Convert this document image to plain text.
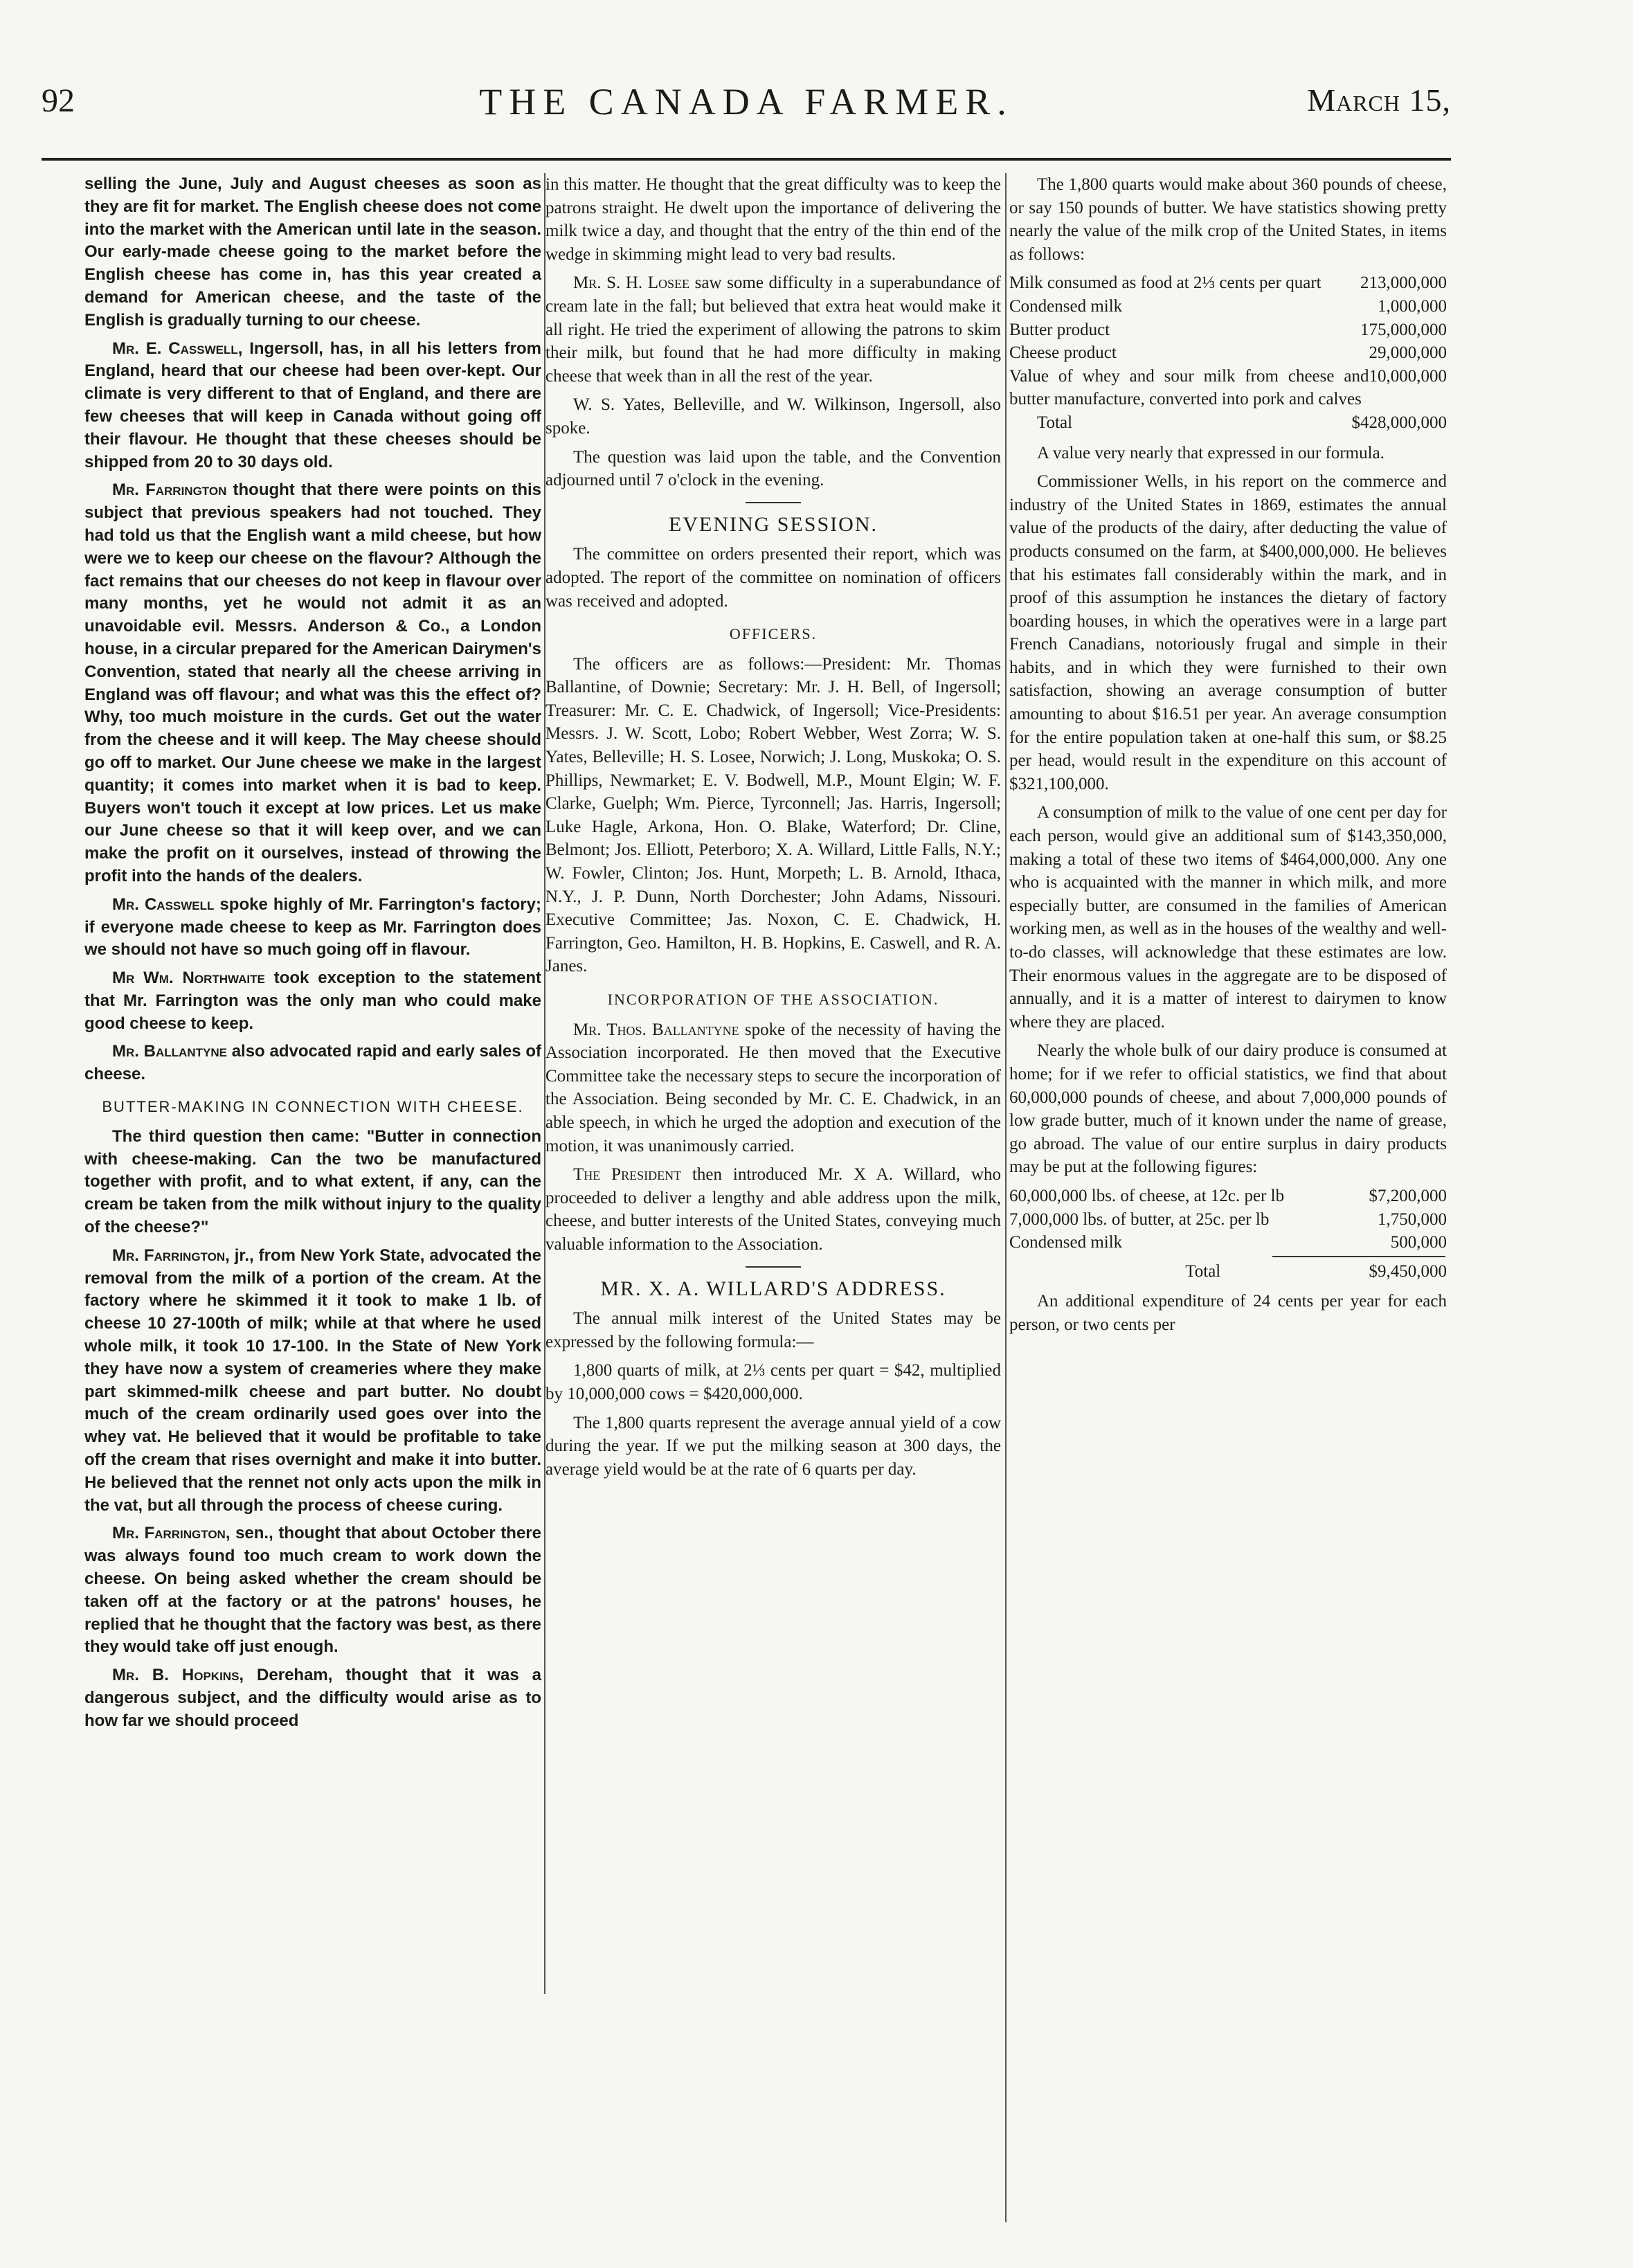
92	THE CANADA FARMER.	March 15,

selling the June, July and August cheeses as soon as they are fit for market. The English cheese does not come into the market with the American until late in the season. Our early-made cheese going to the market before the English cheese has come in, has this year created a demand for American cheese, and the taste of the English is gradually turning to our cheese.

Mr. E. Casswell, Ingersoll, has, in all his letters from England, heard that our cheese had been over-kept. Our climate is very different to that of England, and there are few cheeses that will keep in Canada without going off their flavour. He thought that these cheeses should be shipped from 20 to 30 days old.

Mr. Farrington thought that there were points on this subject that previous speakers had not touched. They had told us that the English want a mild cheese, but how were we to keep our cheese on the flavour? Although the fact remains that our cheeses do not keep in flavour over many months, yet he would not admit it as an unavoidable evil. Messrs. Anderson & Co., a London house, in a circular prepared for the American Dairymen's Convention, stated that nearly all the cheese arriving in England was off flavour; and what was this the effect of? Why, too much moisture in the curds. Get out the water from the cheese and it will keep. The May cheese should go off to market. Our June cheese we make in the largest quantity; it comes into market when it is bad to keep. Buyers won't touch it except at low prices. Let us make our June cheese so that it will keep over, and we can make the profit on it ourselves, instead of throwing the profit into the hands of the dealers.

Mr. Casswell spoke highly of Mr. Farrington's factory; if everyone made cheese to keep as Mr. Farrington does we should not have so much going off in flavour.

Mr Wm. Northwaite took exception to the statement that Mr. Farrington was the only man who could make good cheese to keep.

Mr. Ballantyne also advocated rapid and early sales of cheese.

BUTTER-MAKING IN CONNECTION WITH CHEESE.

The third question then came: "Butter in connection with cheese-making. Can the two be manufactured together with profit, and to what extent, if any, can the cream be taken from the milk without injury to the quality of the cheese?"

Mr. Farrington, jr., from New York State, advocated the removal from the milk of a portion of the cream. At the factory where he skimmed it it took to make 1 lb. of cheese 10 27-100th of milk; while at that where he used whole milk, it took 10 17-100. In the State of New York they have now a system of creameries where they make part skimmed-milk cheese and part butter. No doubt much of the cream ordinarily used goes over into the whey vat. He believed that it would be profitable to take off the cream that rises overnight and make it into butter. He believed that the rennet not only acts upon the milk in the vat, but all through the process of cheese curing.

Mr. Farrington, sen., thought that about October there was always found too much cream to work down the cheese. On being asked whether the cream should be taken off at the factory or at the patrons' houses, he replied that he thought that the factory was best, as there they would take off just enough.

Mr. B. Hopkins, Dereham, thought that it was a dangerous subject, and the difficulty would arise as to how far we should proceed

in this matter. He thought that the great difficulty was to keep the patrons straight. He dwelt upon the importance of delivering the milk twice a day, and thought that the entry of the thin end of the wedge in skimming might lead to very bad results.

Mr. S. H. Losee saw some difficulty in a superabundance of cream late in the fall; but believed that extra heat would make it all right. He tried the experiment of allowing the patrons to skim their milk, but found that he had more difficulty in making cheese that week than in all the rest of the year.

W. S. Yates, Belleville, and W. Wilkinson, Ingersoll, also spoke.

The question was laid upon the table, and the Convention adjourned until 7 o'clock in the evening.

EVENING SESSION.

The committee on orders presented their report, which was adopted. The report of the committee on nomination of officers was received and adopted.

OFFICERS.

The officers are as follows:—President: Mr. Thomas Ballantine, of Downie; Secretary: Mr. J. H. Bell, of Ingersoll; Treasurer: Mr. C. E. Chadwick, of Ingersoll; Vice-Presidents: Messrs. J. W. Scott, Lobo; Robert Webber, West Zorra; W. S. Yates, Belleville; H. S. Losee, Norwich; J. Long, Muskoka; O. S. Phillips, Newmarket; E. V. Bodwell, M.P., Mount Elgin; W. F. Clarke, Guelph; Wm. Pierce, Tyrconnell; Jas. Harris, Ingersoll; Luke Hagle, Arkona, Hon. O. Blake, Waterford; Dr. Cline, Belmont; Jos. Elliott, Peterboro; X. A. Willard, Little Falls, N.Y.; W. Fowler, Clinton; Jos. Hunt, Morpeth; L. B. Arnold, Ithaca, N.Y., J. P. Dunn, North Dorchester; John Adams, Nissouri. Executive Committee; Jas. Noxon, C. E. Chadwick, H. Farrington, Geo. Hamilton, H. B. Hopkins, E. Caswell, and R. A. Janes.

INCORPORATION OF THE ASSOCIATION.

Mr. Thos. Ballantyne spoke of the necessity of having the Association incorporated. He then moved that the Executive Committee take the necessary steps to secure the incorporation of the Association. Being seconded by Mr. C. E. Chadwick, in an able speech, in which he urged the adoption and execution of the motion, it was unanimously carried.

The President then introduced Mr. X A. Willard, who proceeded to deliver a lengthy and able address upon the milk, cheese, and butter interests of the United States, conveying much valuable information to the Association.

MR. X. A. WILLARD'S ADDRESS.

The annual milk interest of the United States may be expressed by the following formula:—

1,800 quarts of milk, at 2⅓ cents per quart = $42, multiplied by 10,000,000 cows = $420,000,000.

The 1,800 quarts represent the average annual yield of a cow during the year. If we put the milking season at 300 days, the average yield would be at the rate of 6 quarts per day.

The 1,800 quarts would make about 360 pounds of cheese, or say 150 pounds of butter. We have statistics showing pretty nearly the value of the milk crop of the United States, in items as follows:

Milk consumed as food at 2⅓ cents per quart	213,000,000
Condensed milk	1,000,000
Butter product	175,000,000
Cheese product	29,000,000
Value of whey and sour milk from cheese and butter manufacture, converted into pork and calves
10,000,000
Total	$428,000,000

A value very nearly that expressed in our formula.

Commissioner Wells, in his report on the commerce and industry of the United States in 1869, estimates the annual value of the products of the dairy, after deducting the value of products consumed on the farm, at $400,000,000. He believes that his estimates fall considerably within the mark, and in proof of this assumption he instances the dietary of factory boarding houses, in which the operatives were in a large part French Canadians, notoriously frugal and simple in their habits, and in which they were furnished to their own satisfaction, showing an average consumption of butter amounting to about $16.51 per year. An average consumption for the entire population taken at one-half this sum, or $8.25 per head, would result in the expenditure on this account of $321,100,000.

A consumption of milk to the value of one cent per day for each person, would give an additional sum of $143,350,000, making a total of these two items of $464,000,000. Any one who is acquainted with the manner in which milk, and more especially butter, are consumed in the families of American working men, as well as in the houses of the wealthy and well-to-do classes, will acknowledge that these estimates are low. Their enormous values in the aggregate are to be disposed of annually, and it is a matter of interest to dairymen to know where they are placed.

Nearly the whole bulk of our dairy produce is consumed at home; for if we refer to official statistics, we find that about 60,000,000 pounds of cheese, and about 7,000,000 pounds of low grade butter, much of it known under the name of grease, go abroad. The value of our entire surplus in dairy products may be put at the following figures:

60,000,000 lbs. of cheese, at 12c. per lb	$7,200,000
7,000,000 lbs. of butter, at 25c. per lb	1,750,000
Condensed milk	500,000
Total	$9,450,000

An additional expenditure of 24 cents per year for each person, or two cents per
